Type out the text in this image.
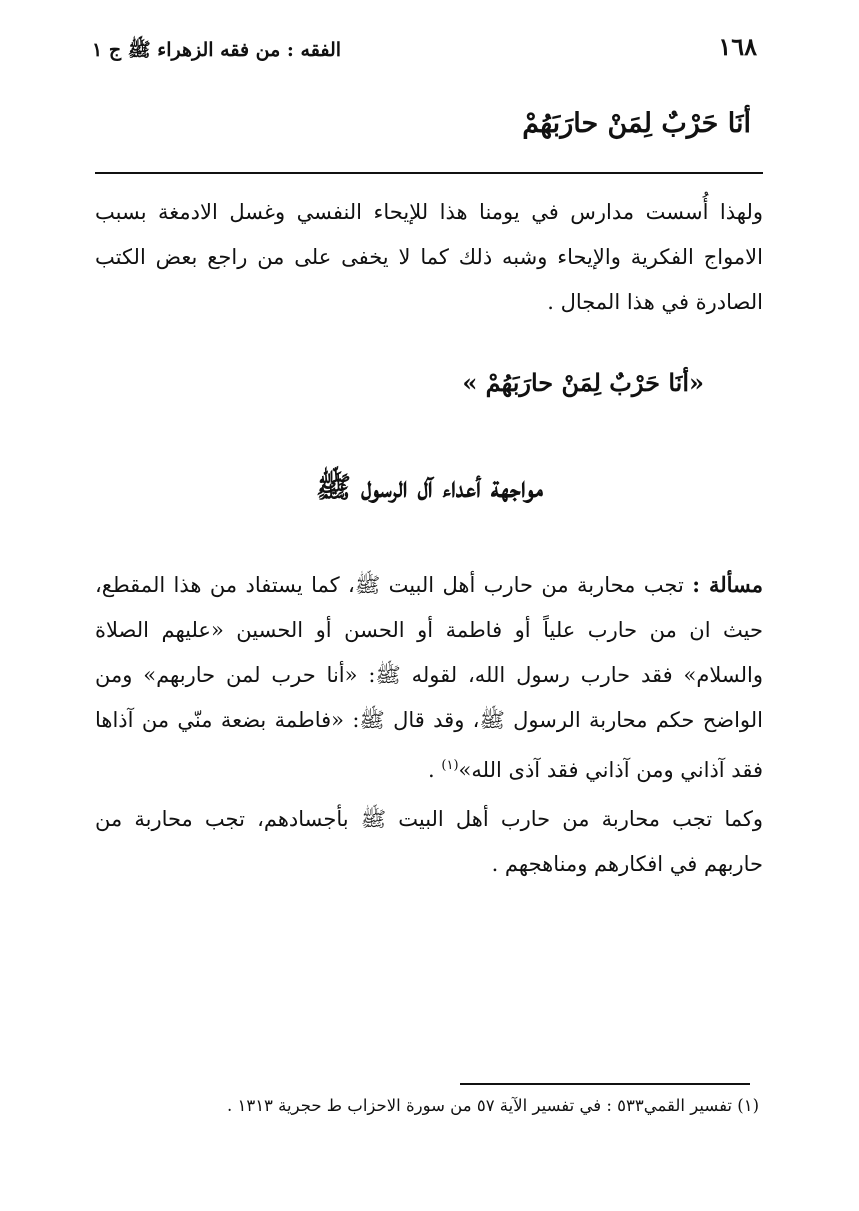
١٦٨
الفقه : من فقه الزهراء ﷺ ج ١
أنَا حَرْبٌ لِمَنْ حارَبَهُمْ
ولهذا أُسست مدارس في يومنا هذا للإيحاء النفسي وغسل الادمغة بسبب الامواج الفكرية والإيحاء وشبه ذلك كما لا يخفى على من راجع بعض الكتب الصادرة في هذا المجال .
«أنَا حَرْبٌ لِمَنْ حارَبَهُمْ »
مواجهة أعداء آل الرسول ﷺ
مسألة : تجب محاربة من حارب أهل البيت ﷺ، كما يستفاد من هذا المقطع، حيث ان من حارب علياً أو فاطمة أو الحسن أو الحسين «عليهم الصلاة والسلام» فقد حارب رسول الله، لقوله ﷺ: «أنا حرب لمن حاربهم» ومن الواضح حكم محاربة الرسول ﷺ، وقد قال ﷺ: «فاطمة بضعة منّي من آذاها فقد آذاني ومن آذاني فقد آذى الله»$^{(١)}$ .
وكما تجب محاربة من حارب أهل البيت ﷺ بأجسادهم، تجب محاربة من حاربهم في افكارهم ومناهجهم .
(١) تفسير القمي٥٣٣ : في تفسير الآية ٥٧ من سورة الاحزاب ط حجرية ١٣١٣ .
